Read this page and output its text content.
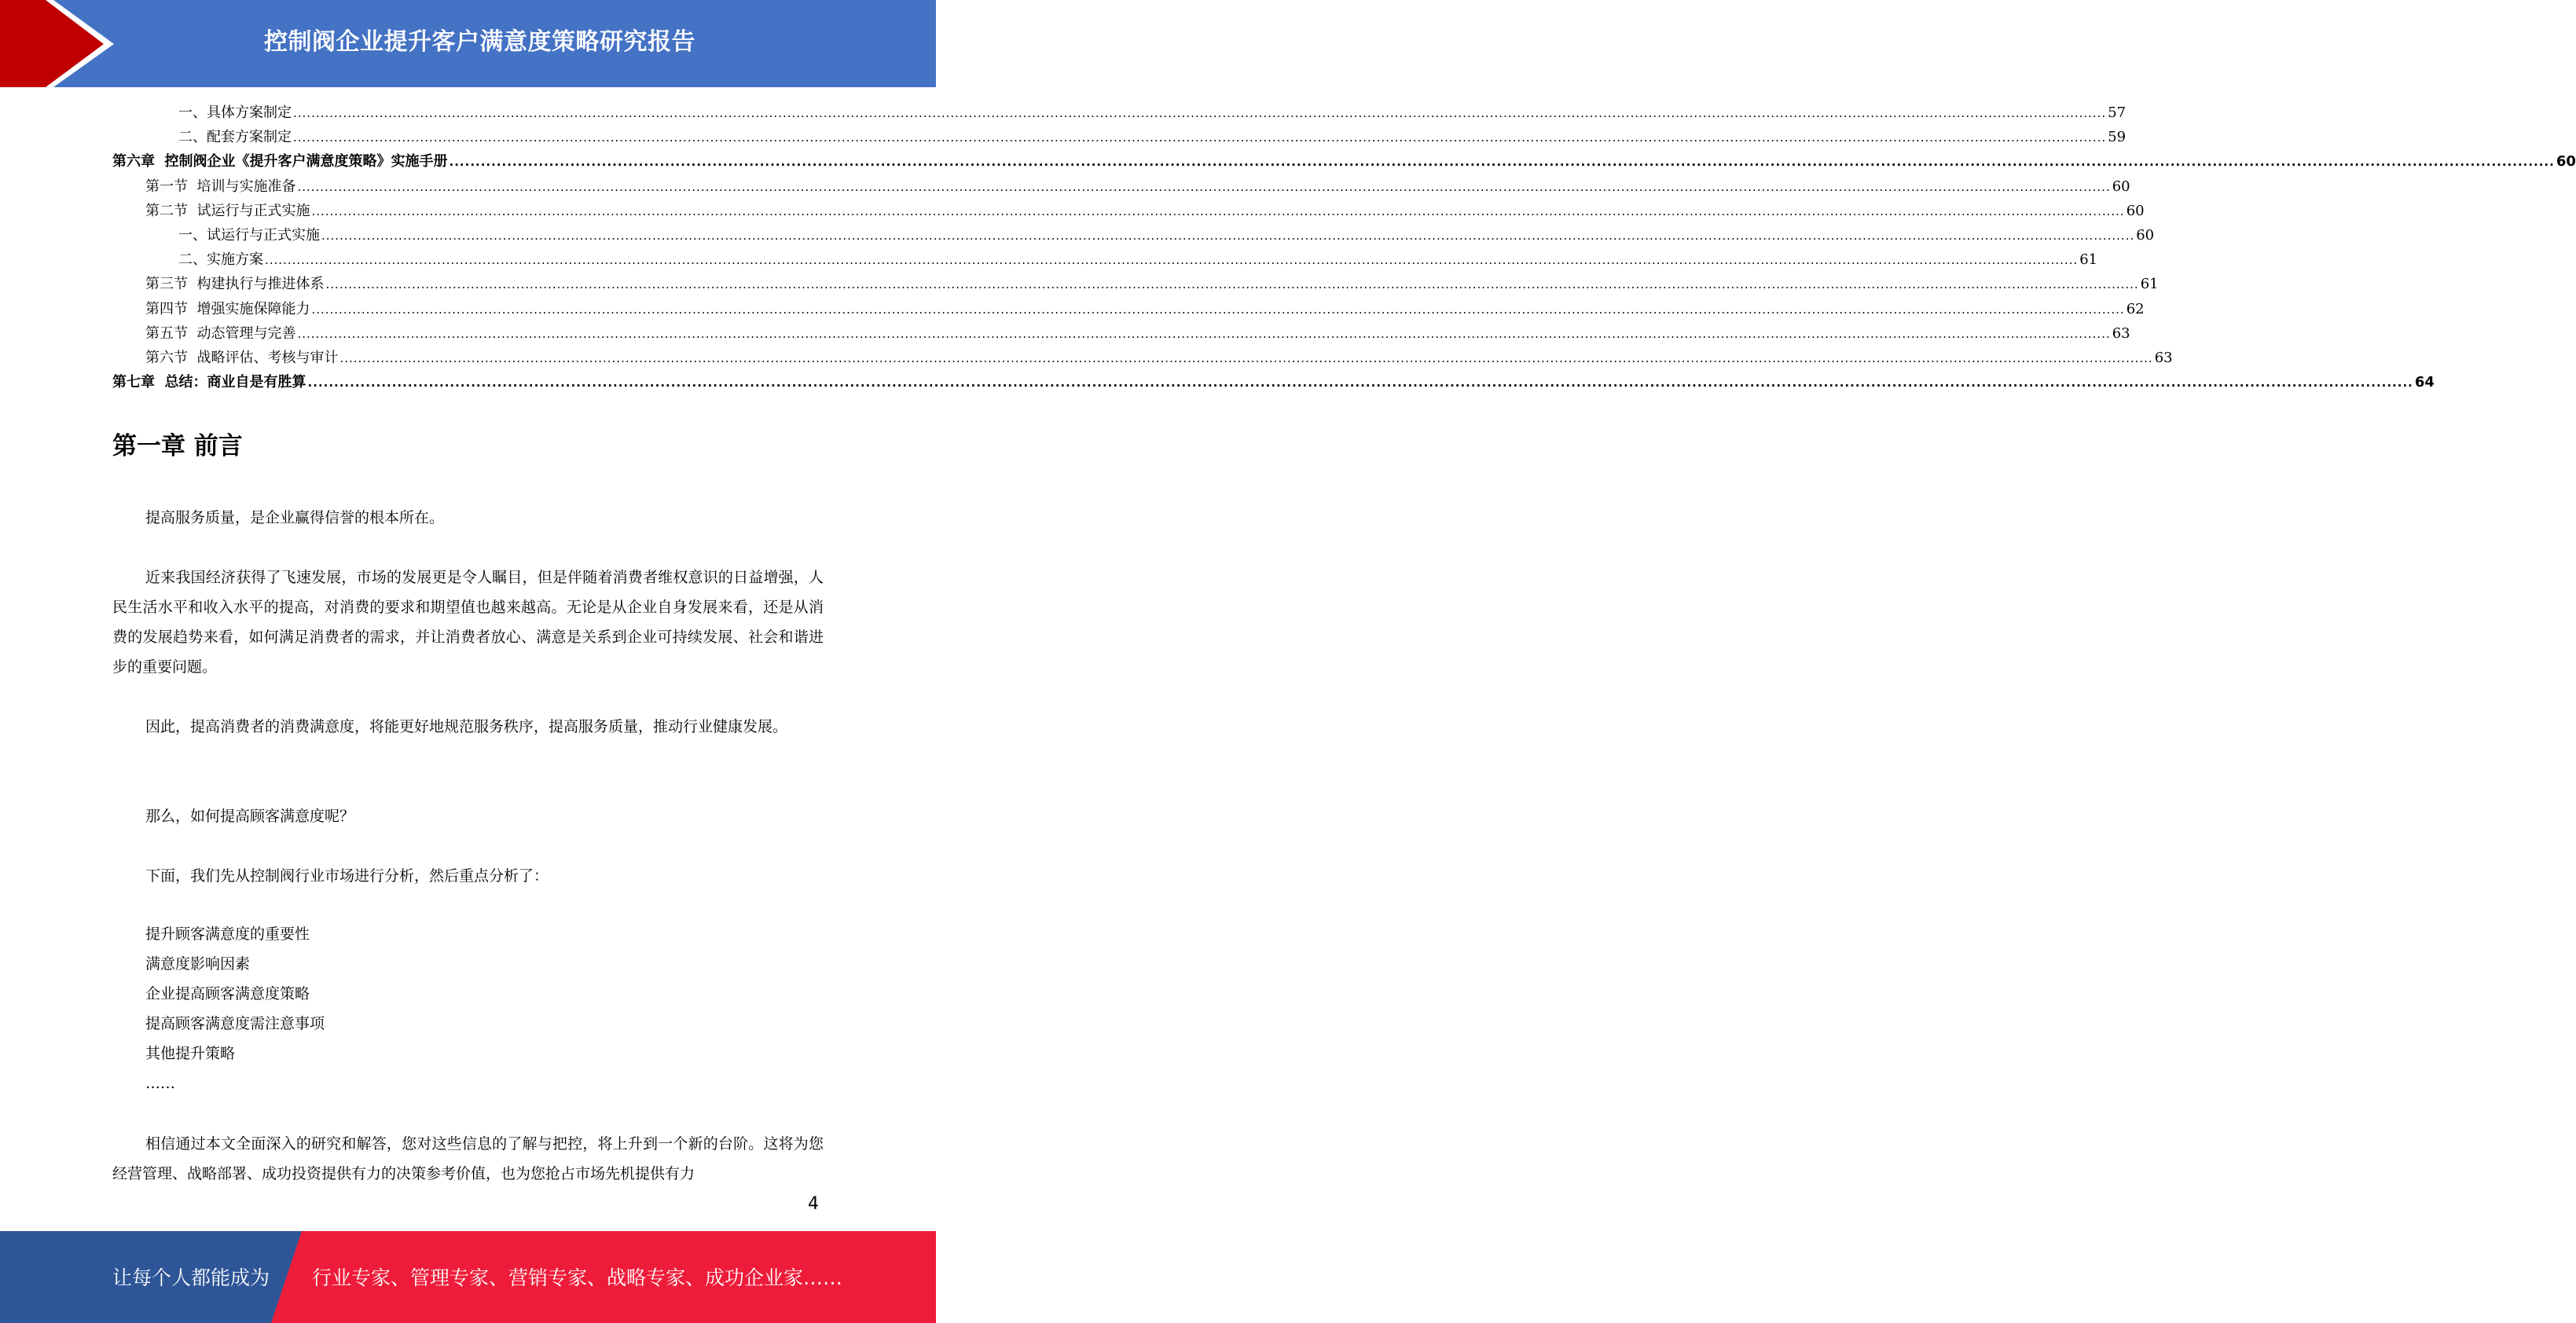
控制阀企业提升客户满意度策略研究报告
一、具体方案制定 ................................................................................................................................................................................................................................................................................................................................................................................................................ 57
二、配套方案制定 ................................................................................................................................................................................................................................................................................................................................................................................................................ 59
第六章  控制阀企业《提升客户满意度策略》实施手册 ................................................................................................................................................................................................................................................................................................................................................................................................................ 60
第一节  培训与实施准备 ................................................................................................................................................................................................................................................................................................................................................................................................................ 60
第二节  试运行与正式实施 ................................................................................................................................................................................................................................................................................................................................................................................................................ 60
一、试运行与正式实施 ................................................................................................................................................................................................................................................................................................................................................................................................................ 60
二、实施方案 ................................................................................................................................................................................................................................................................................................................................................................................................................ 61
第三节  构建执行与推进体系 ................................................................................................................................................................................................................................................................................................................................................................................................................ 61
第四节  增强实施保障能力 ................................................................................................................................................................................................................................................................................................................................................................................................................ 62
第五节  动态管理与完善 ................................................................................................................................................................................................................................................................................................................................................................................................................ 63
第六节  战略评估、考核与审计 ................................................................................................................................................................................................................................................................................................................................................................................................................ 63
第七章  总结：商业自是有胜算 ................................................................................................................................................................................................................................................................................................................................................................................................................ 64
第一章 前言

提高服务质量，是企业赢得信誉的根本所在。

近来我国经济获得了飞速发展，市场的发展更是令人瞩目，但是伴随着消费者维权意识的日益增强，人民生活水平和收入水平的提高，对消费的要求和期望值也越来越高。无论是从企业自身发展来看，还是从消费的发展趋势来看，如何满足消费者的需求，并让消费者放心、满意是关系到企业可持续发展、社会和谐进步的重要问题。

因此，提高消费者的消费满意度，将能更好地规范服务秩序，提高服务质量，推动行业健康发展。

那么，如何提高顾客满意度呢？

下面，我们先从控制阀行业市场进行分析，然后重点分析了：

提升顾客满意度的重要性
满意度影响因素
企业提高顾客满意度策略
提高顾客满意度需注意事项
其他提升策略
……

相信通过本文全面深入的研究和解答，您对这些信息的了解与把控，将上升到一个新的台阶。这将为您经营管理、战略部署、成功投资提供有力的决策参考价值，也为您抢占市场先机提供有力

4
让每个人都能成为 行业专家、管理专家、营销专家、战略专家、成功企业家……
